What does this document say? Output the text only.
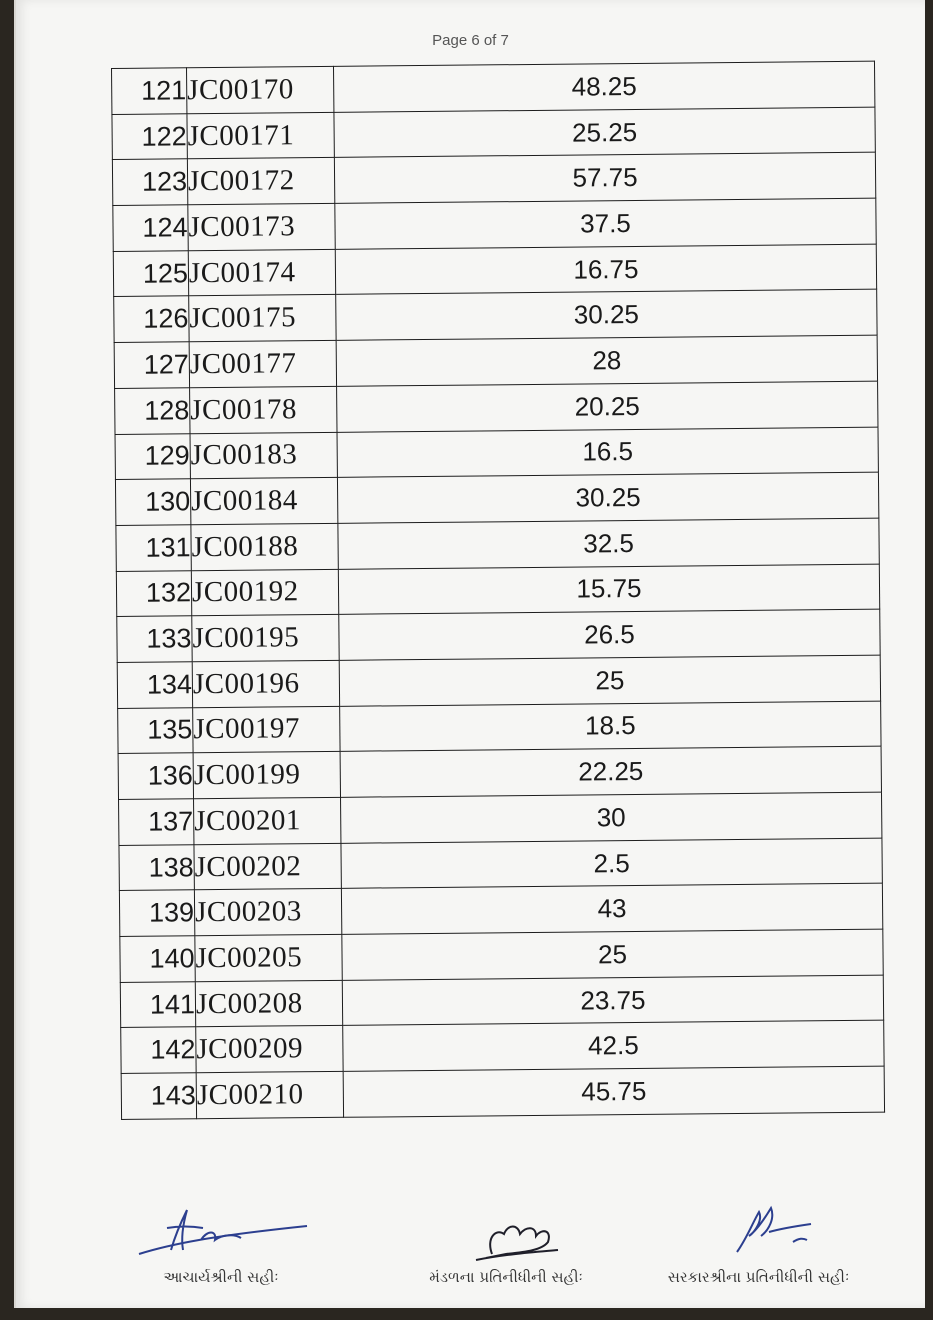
Page 6 of 7
121	JC00170	48.25
122	JC00171	25.25
123	JC00172	57.75
124	JC00173	37.5
125	JC00174	16.75
126	JC00175	30.25
127	JC00177	28
128	JC00178	20.25
129	JC00183	16.5
130	JC00184	30.25
131	JC00188	32.5
132	JC00192	15.75
133	JC00195	26.5
134	JC00196	25
135	JC00197	18.5
136	JC00199	22.25
137	JC00201	30
138	JC00202	2.5
139	JC00203	43
140	JC00205	25
141	JC00208	23.75
142	JC00209	42.5
143	JC00210	45.75
આચાર્યશ્રીની સહીઃ	મંડળના પ્રતિનીધીની સહીઃ	સરકારશ્રીના પ્રતિનીધીની સહીઃ
